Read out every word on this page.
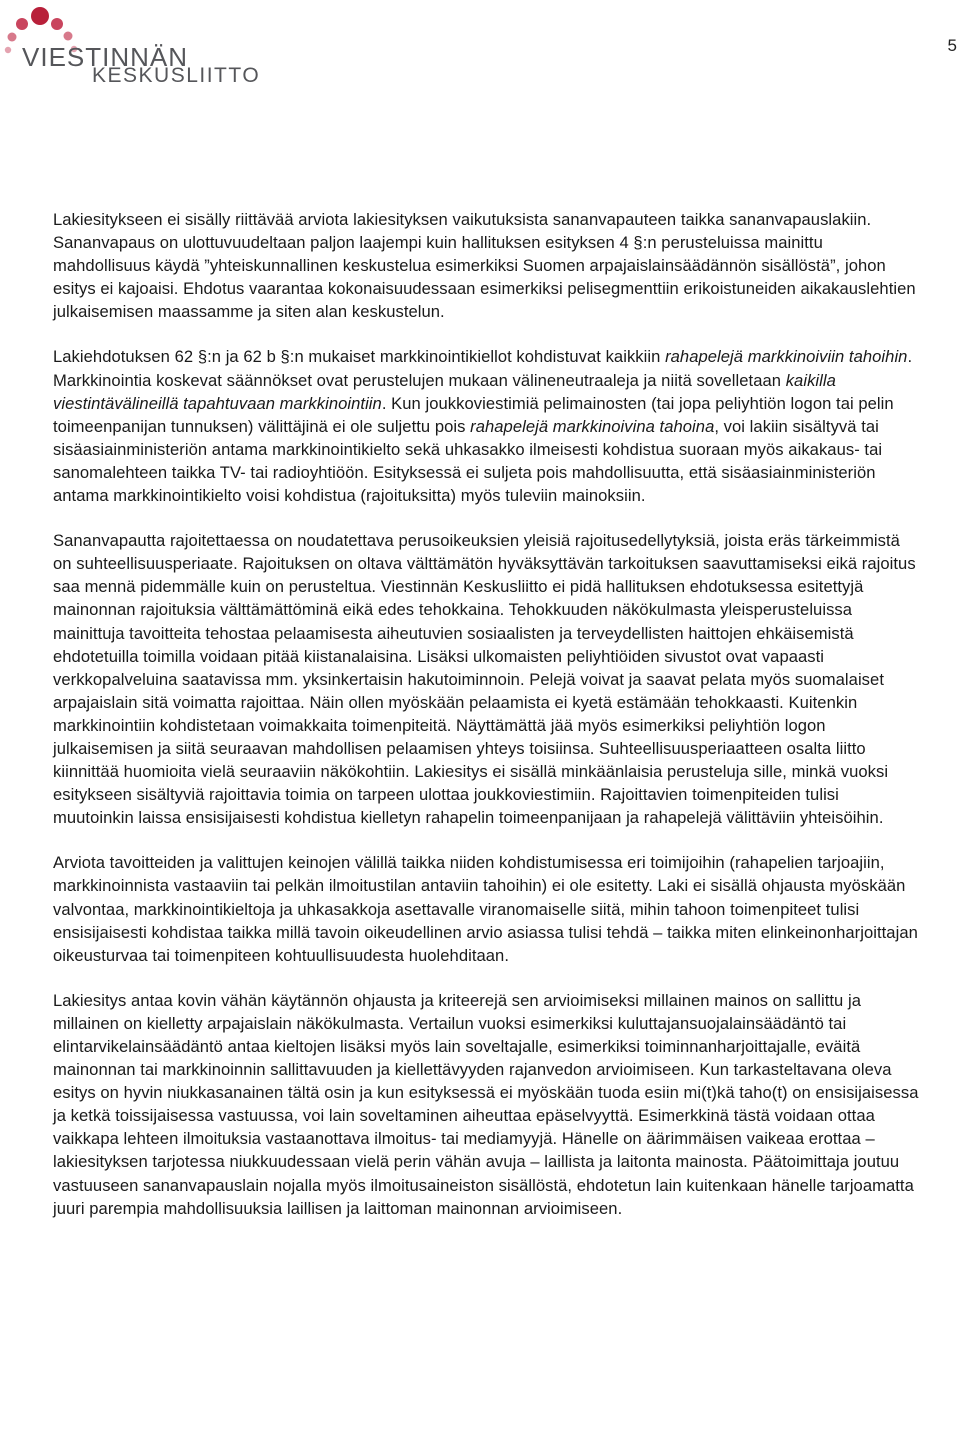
VIESTINNÄN
KESKUSLIITTO
5

Lakiesitykseen ei sisälly riittävää arviota lakiesityksen vaikutuksista sananvapauteen taikka sananvapauslakiin. Sananvapaus on ulottuvuudeltaan paljon laajempi kuin hallituksen esityksen 4 §:n perusteluissa mainittu mahdollisuus käydä ”yhteiskunnallinen keskustelua esimerkiksi Suomen arpajaislainsäädännön sisällöstä”, johon esitys ei kajoaisi. Ehdotus vaarantaa kokonaisuudessaan esimerkiksi pelisegmenttiin erikoistuneiden aikakauslehtien julkaisemisen maassamme ja siten alan keskustelun.

Lakiehdotuksen 62 §:n ja 62 b §:n mukaiset markkinointikiellot kohdistuvat kaikkiin rahapelejä markkinoiviin tahoihin. Markkinointia koskevat säännökset ovat perustelujen mukaan välineneutraaleja ja niitä sovelletaan kaikilla viestintävälineillä tapahtuvaan markkinointiin. Kun joukkoviestimiä pelimainosten (tai jopa peliyhtiön logon tai pelin toimeenpanijan tunnuksen) välittäjinä ei ole suljettu pois rahapelejä markkinoivina tahoina, voi lakiin sisältyvä tai sisäasiainministeriön antama markkinointikielto sekä uhkasakko ilmeisesti kohdistua suoraan myös aikakaus- tai sanomalehteen taikka TV- tai radioyhtiöön. Esityksessä ei suljeta pois mahdollisuutta, että sisäasiainministeriön antama markkinointikielto voisi kohdistua (rajoituksitta) myös tuleviin mainoksiin.

Sananvapautta rajoitettaessa on noudatettava perusoikeuksien yleisiä rajoitusedellytyksiä, joista eräs tärkeimmistä on suhteellisuusperiaate. Rajoituksen on oltava välttämätön hyväksyttävän tarkoituksen saavuttamiseksi eikä rajoitus saa mennä pidemmälle kuin on perusteltua. Viestinnän Keskusliitto ei pidä hallituksen ehdotuksessa esitettyjä mainonnan rajoituksia välttämättöminä eikä edes tehokkaina. Tehokkuuden näkökulmasta yleisperusteluissa mainittuja tavoitteita tehostaa pelaamisesta aiheutuvien sosiaalisten ja terveydellisten haittojen ehkäisemistä ehdotetuilla toimilla voidaan pitää kiistanalaisina. Lisäksi ulkomaisten peliyhtiöiden sivustot ovat vapaasti verkkopalveluina saatavissa mm. yksinkertaisin hakutoiminnoin. Pelejä voivat ja saavat pelata myös suomalaiset arpajaislain sitä voimatta rajoittaa. Näin ollen myöskään pelaamista ei kyetä estämään tehokkaasti. Kuitenkin markkinointiin kohdistetaan voimakkaita toimenpiteitä. Näyttämättä jää myös esimerkiksi peliyhtiön logon julkaisemisen ja siitä seuraavan mahdollisen pelaamisen yhteys toisiinsa. Suhteellisuusperiaatteen osalta liitto kiinnittää huomioita vielä seuraaviin näkökohtiin. Lakiesitys ei sisällä minkäänlaisia perusteluja sille, minkä vuoksi esitykseen sisältyviä rajoittavia toimia on tarpeen ulottaa joukkoviestimiin. Rajoittavien toimenpiteiden tulisi muutoinkin laissa ensisijaisesti kohdistua kielletyn rahapelin toimeenpanijaan ja rahapelejä välittäviin yhteisöihin.

Arviota tavoitteiden ja valittujen keinojen välillä taikka niiden kohdistumisessa eri toimijoihin (rahapelien tarjoajiin, markkinoinnista vastaaviin tai pelkän ilmoitustilan antaviin tahoihin) ei ole esitetty. Laki ei sisällä ohjausta myöskään valvontaa, markkinointikieltoja ja uhkasakkoja asettavalle viranomaiselle siitä, mihin tahoon toimenpiteet tulisi ensisijaisesti kohdistaa taikka millä tavoin oikeudellinen arvio asiassa tulisi tehdä – taikka miten elinkeinonharjoittajan oikeusturvaa tai toimenpiteen kohtuullisuudesta huolehditaan.

Lakiesitys antaa kovin vähän käytännön ohjausta ja kriteerejä sen arvioimiseksi millainen mainos on sallittu ja millainen on kielletty arpajaislain näkökulmasta. Vertailun vuoksi esimerkiksi kuluttajansuojalainsäädäntö tai elintarvikelainsäädäntö antaa kieltojen lisäksi myös lain soveltajalle, esimerkiksi toiminnanharjoittajalle, eväitä mainonnan tai markkinoinnin sallittavuuden ja kiellettävyyden rajanvedon arvioimiseen. Kun tarkasteltavana oleva esitys on hyvin niukkasanainen tältä osin ja kun esityksessä ei myöskään tuoda esiin mi(t)kä taho(t) on ensisijaisessa ja ketkä toissijaisessa vastuussa, voi lain soveltaminen aiheuttaa epäselvyyttä. Esimerkkinä tästä voidaan ottaa vaikkapa lehteen ilmoituksia vastaanottava ilmoitus- tai mediamyyjä. Hänelle on äärimmäisen vaikeaa erottaa – lakiesityksen tarjotessa niukkuudessaan vielä perin vähän avuja – laillista ja laitonta mainosta. Päätoimittaja joutuu vastuuseen sananvapauslain nojalla myös ilmoitusaineiston sisällöstä, ehdotetun lain kuitenkaan hänelle tarjoamatta juuri parempia mahdollisuuksia laillisen ja laittoman mainonnan arvioimiseen.
